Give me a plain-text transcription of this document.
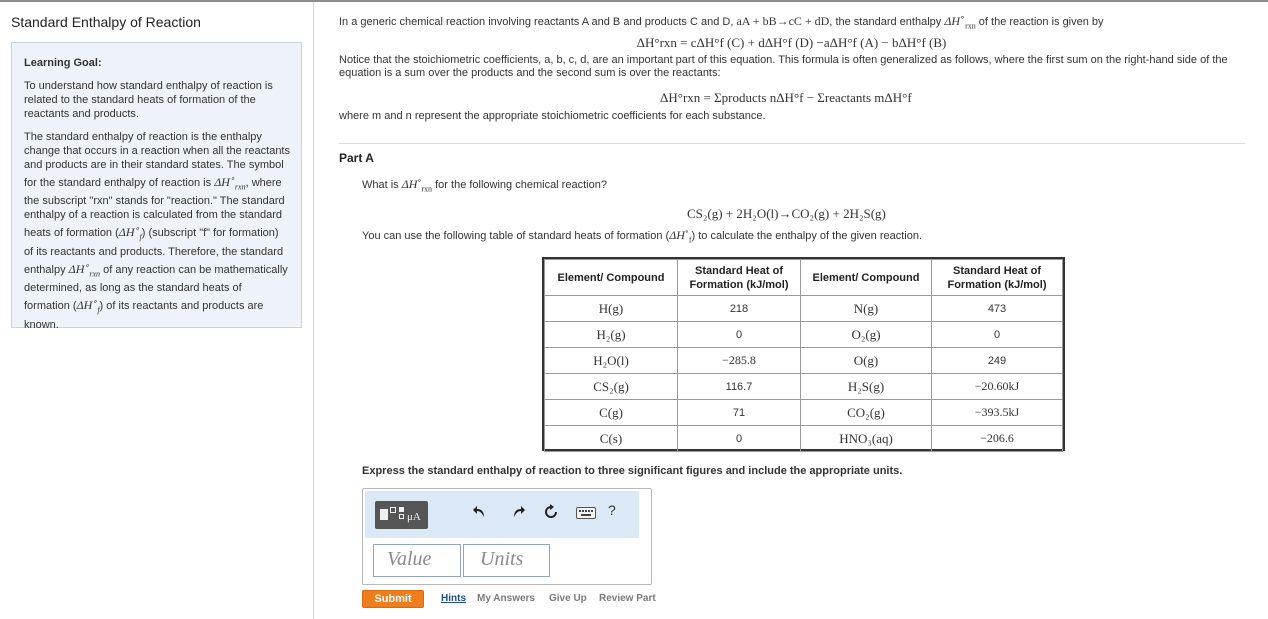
Standard Enthalpy of Reaction
Learning Goal:
To understand how standard enthalpy of reaction is related to the standard heats of formation of the reactants and products.
The standard enthalpy of reaction is the enthalpy change that occurs in a reaction when all the reactants and products are in their standard states. The symbol for the standard enthalpy of reaction is $\Delta H^\circ_{rxn}$, where the subscript "rxn" stands for "reaction." The standard enthalpy of a reaction is calculated from the standard heats of formation $(\Delta H^\circ_f)$ (subscript "f" for formation) of its reactants and products. Therefore, the standard enthalpy $\Delta H^\circ_{rxn}$ of any reaction can be mathematically determined, as long as the standard heats of formation $(\Delta H^\circ_f)$ of its reactants and products are known.
In a generic chemical reaction involving reactants A and B and products C and D, aA + bB→cC + dD, the standard enthalpy $\Delta H^\circ_{rxn}$ of the reaction is given by
ΔH°rxn = cΔH°f (C) + dΔH°f (D) −aΔH°f (A) − bΔH°f (B)
Notice that the stoichiometric coefficients, a, b, c, d, are an important part of this equation. This formula is often generalized as follows, where the first sum on the right-hand side of the equation is a sum over the products and the second sum is over the reactants:
ΔH°rxn = Σproducts nΔH°f − Σreactants mΔH°f
where m and n represent the appropriate stoichiometric coefficients for each substance.
Part A
What is $\Delta H^\circ_{rxn}$ for the following chemical reaction?
CS₂(g) + 2H₂O(l)→CO₂(g) + 2H₂S(g)
You can use the following table of standard heats of formation $(\Delta H^\circ_f)$ to calculate the enthalpy of the given reaction.
Element/ Compound	Standard Heat of Formation (kJ/mol)	Element/ Compound	Standard Heat of Formation (kJ/mol)
H(g)	218	N(g)	473
H₂(g)	0	O₂(g)	0
H₂O(l)	−285.8	O(g)	249
CS₂(g)	116.7	H₂S(g)	−20.60kJ
C(g)	71	CO₂(g)	−393.5kJ
C(s)	0	HNO₃(aq)	−206.6
Express the standard enthalpy of reaction to three significant figures and include the appropriate units.
μA	?
Value	Units
Submit	Hints My Answers Give Up Review Part
